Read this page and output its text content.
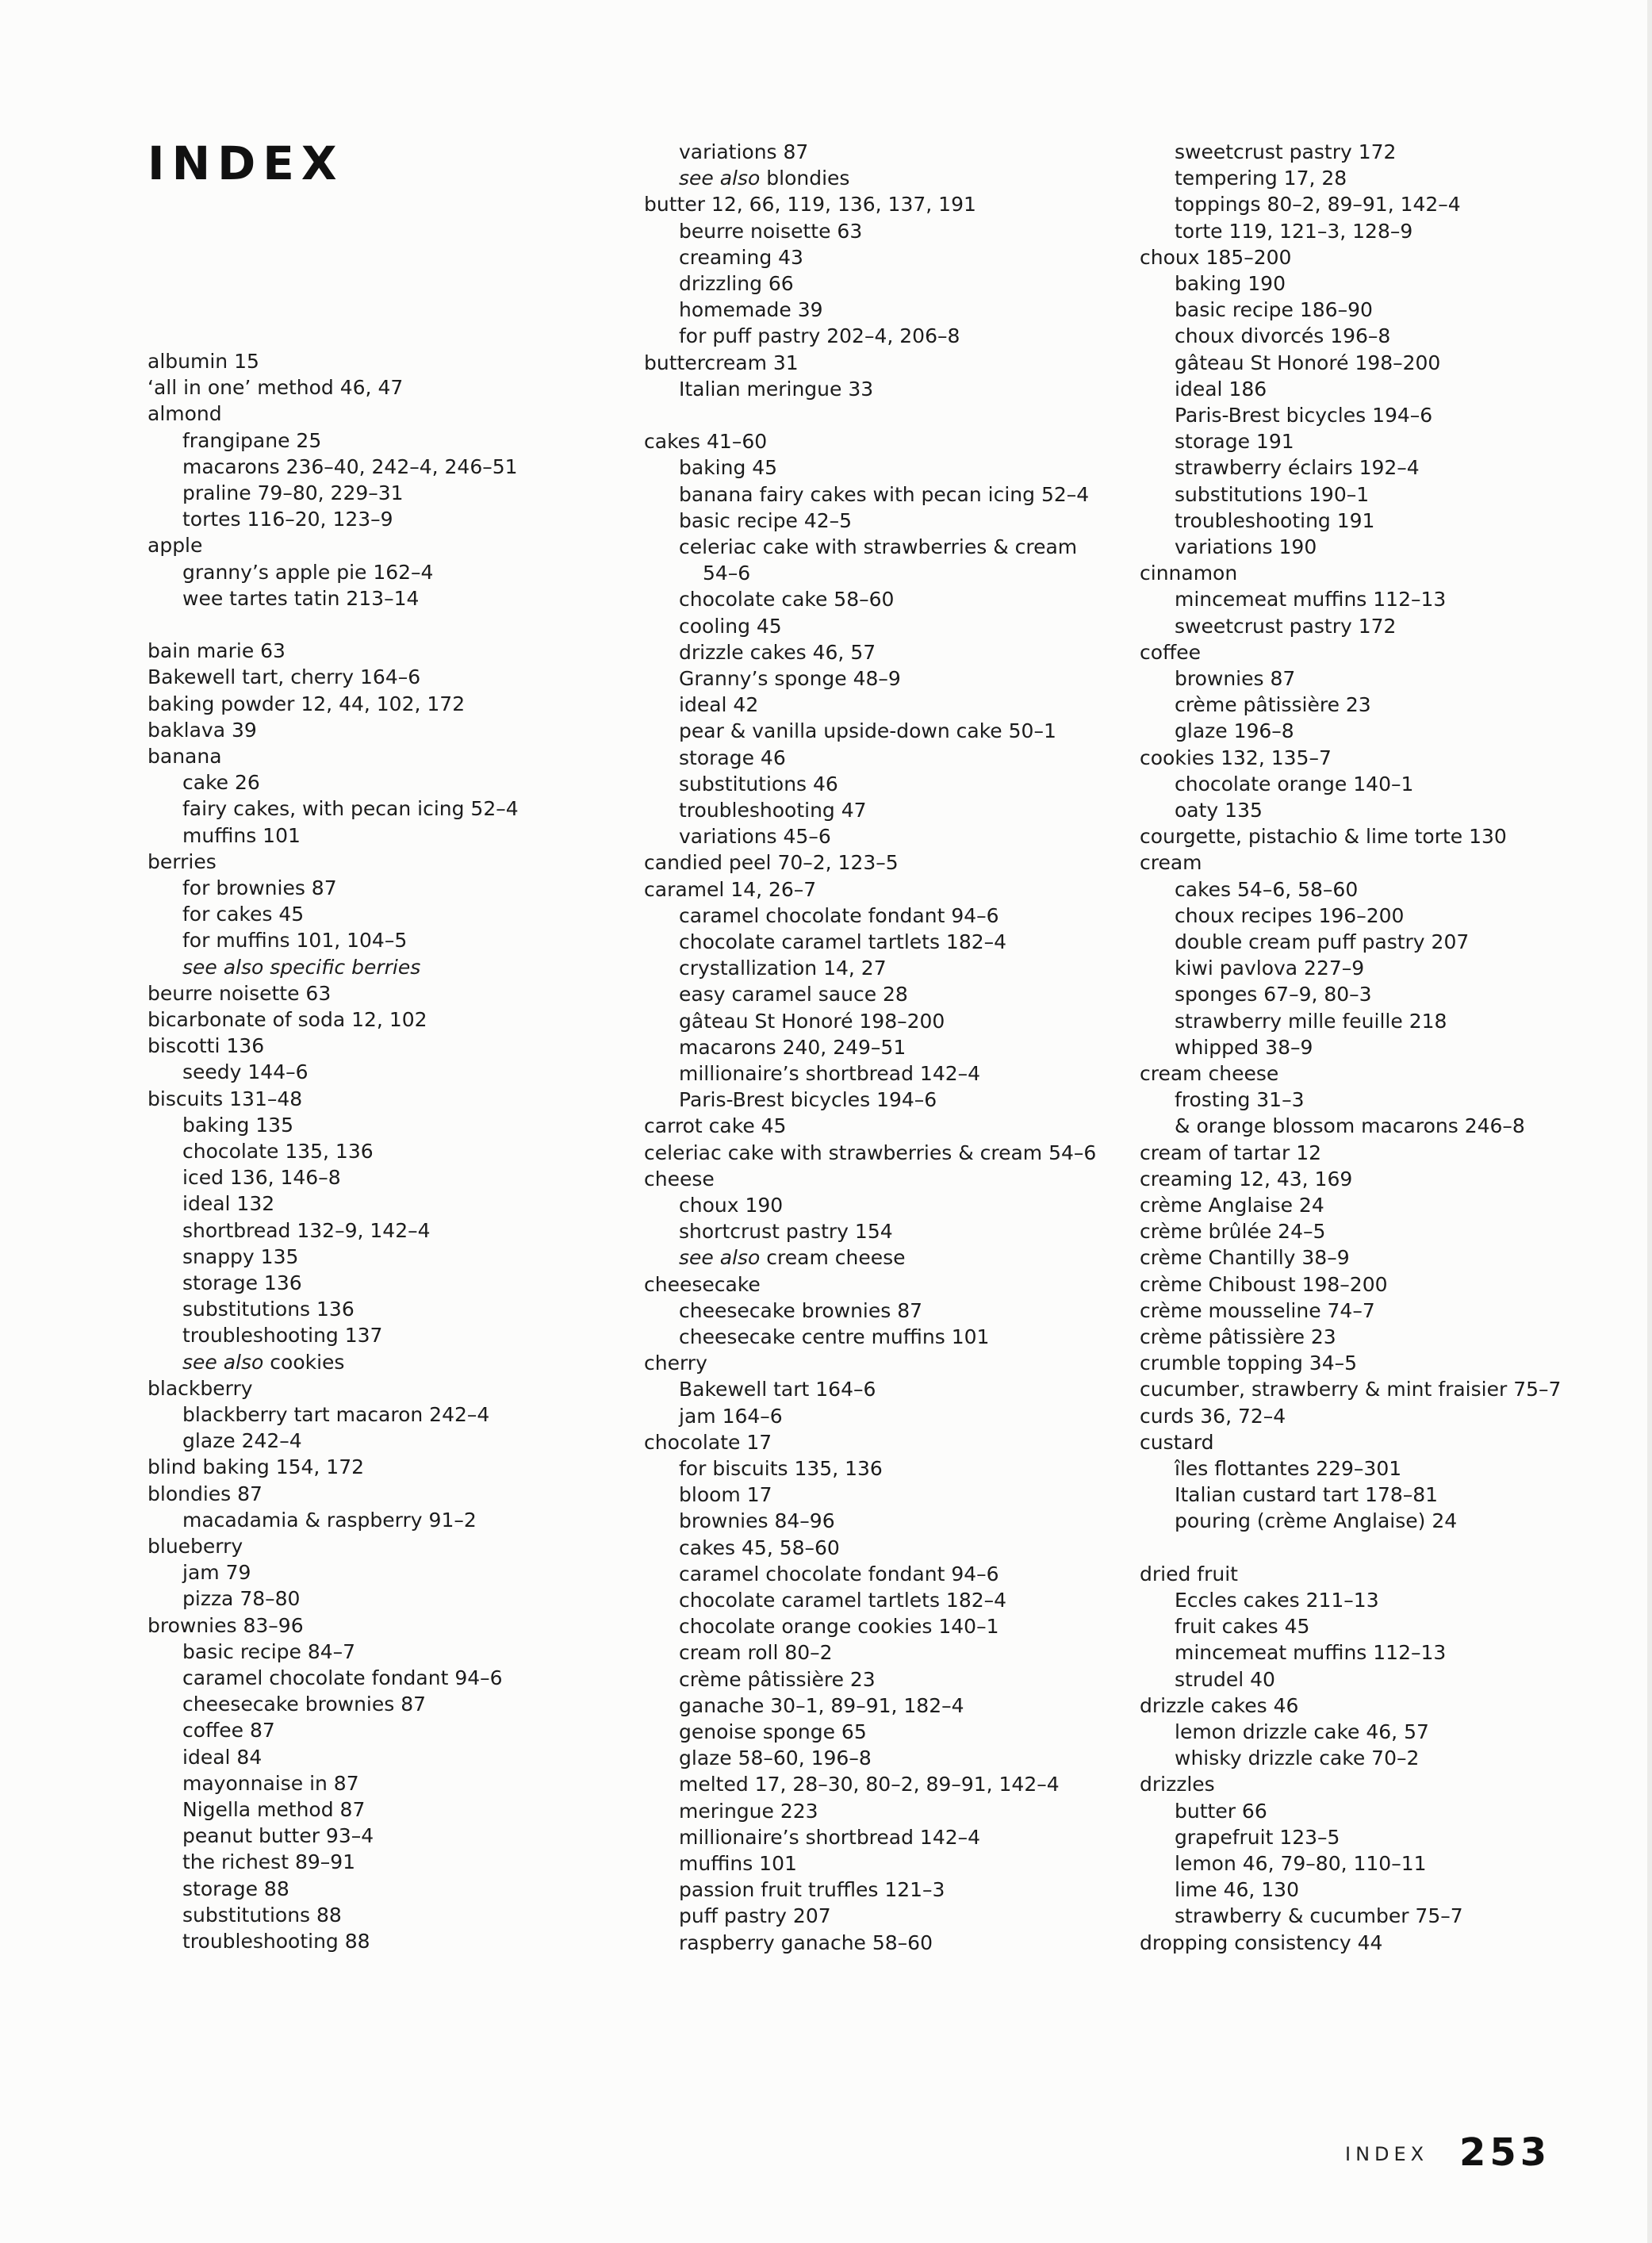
INDEX
albumin 15
‘all in one’ method 46, 47
almond
frangipane 25
macarons 236–40, 242–4, 246–51
praline 79–80, 229–31
tortes 116–20, 123–9
apple
granny’s apple pie 162–4
wee tartes tatin 213–14
bain marie 63
Bakewell tart, cherry 164–6
baking powder 12, 44, 102, 172
baklava 39
banana
cake 26
fairy cakes, with pecan icing 52–4
muffins 101
berries
for brownies 87
for cakes 45
for muffins 101, 104–5
see also specific berries
beurre noisette 63
bicarbonate of soda 12, 102
biscotti 136
seedy 144–6
biscuits 131–48
baking 135
chocolate 135, 136
iced 136, 146–8
ideal 132
shortbread 132–9, 142–4
snappy 135
storage 136
substitutions 136
troubleshooting 137
see also cookies
blackberry
blackberry tart macaron 242–4
glaze 242–4
blind baking 154, 172
blondies 87
macadamia & raspberry 91–2
blueberry
jam 79
pizza 78–80
brownies 83–96
basic recipe 84–7
caramel chocolate fondant 94–6
cheesecake brownies 87
coffee 87
ideal 84
mayonnaise in 87
Nigella method 87
peanut butter 93–4
the richest 89–91
storage 88
substitutions 88
troubleshooting 88
variations 87
see also blondies
butter 12, 66, 119, 136, 137, 191
beurre noisette 63
creaming 43
drizzling 66
homemade 39
for puff pastry 202–4, 206–8
buttercream 31
Italian meringue 33
cakes 41–60
baking 45
banana fairy cakes with pecan icing 52–4
basic recipe 42–5
celeriac cake with strawberries & cream
54–6
chocolate cake 58–60
cooling 45
drizzle cakes 46, 57
Granny’s sponge 48–9
ideal 42
pear & vanilla upside-down cake 50–1
storage 46
substitutions 46
troubleshooting 47
variations 45–6
candied peel 70–2, 123–5
caramel 14, 26–7
caramel chocolate fondant 94–6
chocolate caramel tartlets 182–4
crystallization 14, 27
easy caramel sauce 28
gâteau St Honoré 198–200
macarons 240, 249–51
millionaire’s shortbread 142–4
Paris-Brest bicycles 194–6
carrot cake 45
celeriac cake with strawberries & cream 54–6
cheese
choux 190
shortcrust pastry 154
see also cream cheese
cheesecake
cheesecake brownies 87
cheesecake centre muffins 101
cherry
Bakewell tart 164–6
jam 164–6
chocolate 17
for biscuits 135, 136
bloom 17
brownies 84–96
cakes 45, 58–60
caramel chocolate fondant 94–6
chocolate caramel tartlets 182–4
chocolate orange cookies 140–1
cream roll 80–2
crème pâtissière 23
ganache 30–1, 89–91, 182–4
genoise sponge 65
glaze 58–60, 196–8
melted 17, 28–30, 80–2, 89–91, 142–4
meringue 223
millionaire’s shortbread 142–4
muffins 101
passion fruit truffles 121–3
puff pastry 207
raspberry ganache 58–60
sweetcrust pastry 172
tempering 17, 28
toppings 80–2, 89–91, 142–4
torte 119, 121–3, 128–9
choux 185–200
baking 190
basic recipe 186–90
choux divorcés 196–8
gâteau St Honoré 198–200
ideal 186
Paris-Brest bicycles 194–6
storage 191
strawberry éclairs 192–4
substitutions 190–1
troubleshooting 191
variations 190
cinnamon
mincemeat muffins 112–13
sweetcrust pastry 172
coffee
brownies 87
crème pâtissière 23
glaze 196–8
cookies 132, 135–7
chocolate orange 140–1
oaty 135
courgette, pistachio & lime torte 130
cream
cakes 54–6, 58–60
choux recipes 196–200
double cream puff pastry 207
kiwi pavlova 227–9
sponges 67–9, 80–3
strawberry mille feuille 218
whipped 38–9
cream cheese
frosting 31–3
& orange blossom macarons 246–8
cream of tartar 12
creaming 12, 43, 169
crème Anglaise 24
crème brûlée 24–5
crème Chantilly 38–9
crème Chiboust 198–200
crème mousseline 74–7
crème pâtissière 23
crumble topping 34–5
cucumber, strawberry & mint fraisier 75–7
curds 36, 72–4
custard
îles flottantes 229–301
Italian custard tart 178–81
pouring (crème Anglaise) 24
dried fruit
Eccles cakes 211–13
fruit cakes 45
mincemeat muffins 112–13
strudel 40
drizzle cakes 46
lemon drizzle cake 46, 57
whisky drizzle cake 70–2
drizzles
butter 66
grapefruit 123–5
lemon 46, 79–80, 110–11
lime 46, 130
strawberry & cucumber 75–7
dropping consistency 44
INDEX 253
